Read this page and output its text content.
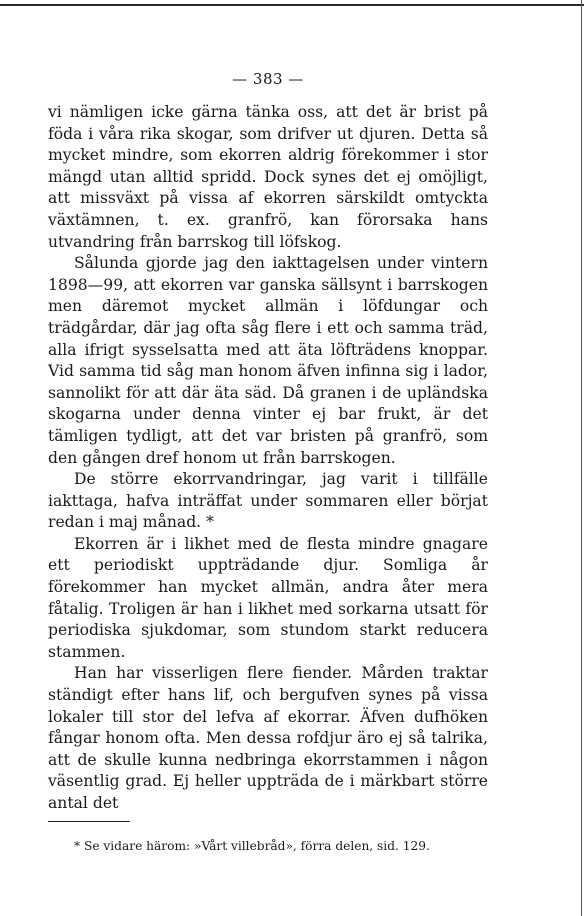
— 383 —

vi nämligen icke gärna tänka oss, att det är brist på föda i våra rika skogar, som drifver ut djuren. Detta så mycket mindre, som ekorren aldrig förekommer i stor mängd utan alltid spridd. Dock synes det ej omöjligt, att missväxt på vissa af ekorren särskildt omtyckta växtämnen, t. ex. granfrö, kan förorsaka hans utvandring från barrskog till löfskog.

Sålunda gjorde jag den iakttagelsen under vintern 1898—99, att ekorren var ganska sällsynt i barrskogen men däremot mycket allmän i löfdungar och trädgårdar, där jag ofta såg flere i ett och samma träd, alla ifrigt sysselsatta med att äta löfträdens knoppar. Vid samma tid såg man honom äfven infinna sig i lador, sannolikt för att där äta säd. Då granen i de upländska skogarna under denna vinter ej bar frukt, är det tämligen tydligt, att det var bristen på granfrö, som den gången dref honom ut från barrskogen.

De större ekorrvandringar, jag varit i tillfälle iakttaga, hafva inträffat under sommaren eller börjat redan i maj månad. *

Ekorren är i likhet med de flesta mindre gnagare ett periodiskt uppträdande djur. Somliga år förekommer han mycket allmän, andra åter mera fåtalig. Troligen är han i likhet med sorkarna utsatt för periodiska sjukdomar, som stundom starkt reducera stammen.

Han har visserligen flere fiender. Mården traktar ständigt efter hans lif, och bergufven synes på vissa lokaler till stor del lefva af ekorrar. Äfven dufhöken fångar honom ofta. Men dessa rofdjur äro ej så talrika, att de skulle kunna nedbringa ekorrstammen i någon väsentlig grad. Ej heller uppträda de i märkbart större antal det

* Se vidare härom: »Vårt villebråd», förra delen, sid. 129.
